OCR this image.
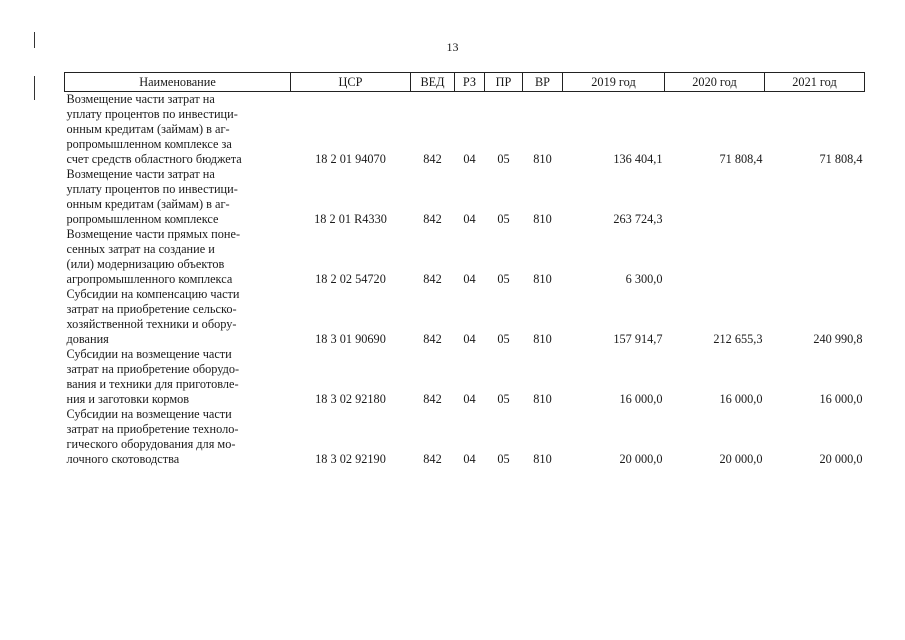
13
Наименование	ЦСР	ВЕД	РЗ	ПР	ВР	2019 год	2020 год	2021 год

Возмещение части затрат на
уплату процентов по инвестици-
онным кредитам (займам) в аг-
ропромышленном комплексе за
счет средств областного бюджета	18 2 01 94070	842	04	05	810	136 404,1	71 808,4	71 808,4

Возмещение части затрат на
уплату процентов по инвестици-
онным кредитам (займам) в аг-
ропромышленном комплексе	18 2 01 R4330	842	04	05	810	263 724,3		

Возмещение части прямых поне-
сенных затрат на создание и
(или) модернизацию объектов
агропромышленного комплекса	18 2 02 54720	842	04	05	810	6 300,0		

Субсидии на компенсацию части
затрат на приобретение сельско-
хозяйственной техники и обору-
дования	18 3 01 90690	842	04	05	810	157 914,7	212 655,3	240 990,8

Субсидии на возмещение части
затрат на приобретение оборудо-
вания и техники для приготовле-
ния и заготовки кормов	18 3 02 92180	842	04	05	810	16 000,0	16 000,0	16 000,0

Субсидии на возмещение части
затрат на приобретение техноло-
гического оборудования для мо-
лочного скотоводства	18 3 02 92190	842	04	05	810	20 000,0	20 000,0	20 000,0
